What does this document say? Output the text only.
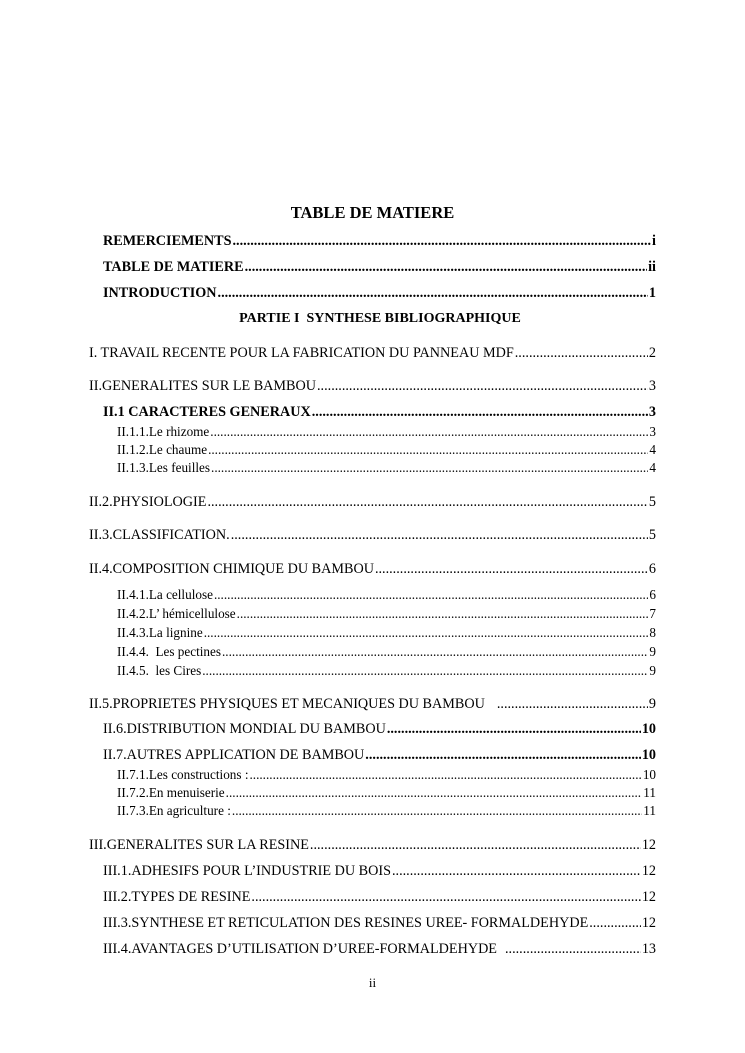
TABLE DE MATIERE
REMERCIEMENTS .....	i
TABLE DE MATIERE .....	ii
INTRODUCTION .....	1
PARTIE I  SYNTHESE BIBLIOGRAPHIQUE
I. TRAVAIL RECENTE POUR LA FABRICATION DU PANNEAU MDF .....	2
II.GENERALITES SUR LE BAMBOU .....	3
II.1 CARACTERES GENERAUX .....	3
II.1.1.Le rhizome .....	3
II.1.2.Le chaume .....	4
II.1.3.Les feuilles .....	4
II.2.PHYSIOLOGIE .....	5
II.3.CLASSIFICATION. .....	5
II.4.COMPOSITION CHIMIQUE DU BAMBOU .....	6
II.4.1.La cellulose .....	6
II.4.2.L’ hémicellulose .....	7
II.4.3.La lignine .....	8
II.4.4.  Les pectines .....	9
II.4.5.  les Cires .....	9
II.5.PROPRIETES PHYSIQUES ET MECANIQUES DU BAMBOU .....	9
II.6.DISTRIBUTION MONDIAL DU BAMBOU .....	10
II.7.AUTRES APPLICATION DE BAMBOU .....	10
II.7.1.Les constructions : .....	10
II.7.2.En menuiserie .....	11
II.7.3.En agriculture : .....	11
III.GENERALITES SUR LA RESINE .....	12
III.1.ADHESIFS POUR L’INDUSTRIE DU BOIS .....	12
III.2.TYPES DE RESINE .....	12
III.3.SYNTHESE ET RETICULATION DES RESINES UREE- FORMALDEHYDE .....	12
III.4.AVANTAGES D’UTILISATION D’UREE-FORMALDEHYDE .....	13
ii
